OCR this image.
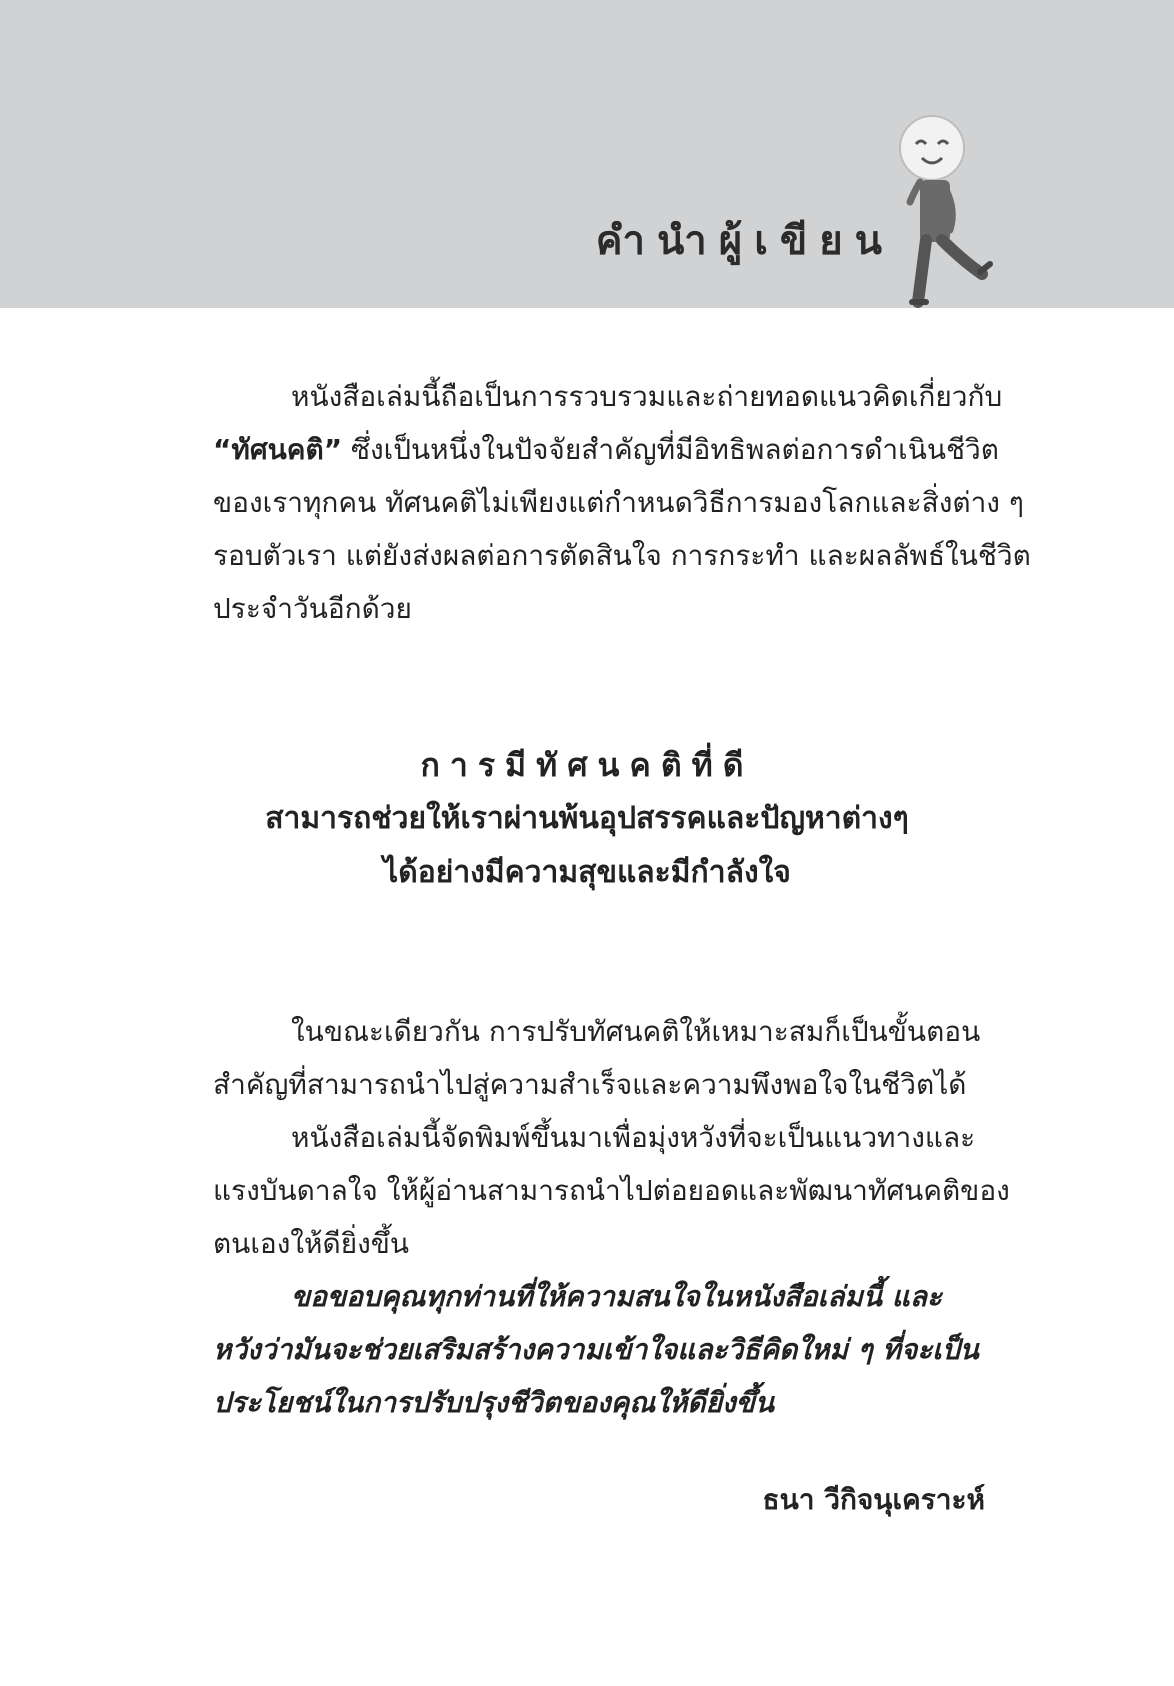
คำนำผู้เขียน

หนังสือเล่มนี้ถือเป็นการรวบรวมและถ่ายทอดแนวคิดเกี่ยวกับ
“ทัศนคติ” ซึ่งเป็นหนึ่งในปัจจัยสำคัญที่มีอิทธิพลต่อการดำเนินชีวิต
ของเราทุกคน ทัศนคติไม่เพียงแต่กำหนดวิธีการมองโลกและสิ่งต่าง ๆ
รอบตัวเรา แต่ยังส่งผลต่อการตัดสินใจ การกระทำ และผลลัพธ์ในชีวิต
ประจำวันอีกด้วย

การมีทัศนคติที่ดี
สามารถช่วยให้เราผ่านพ้นอุปสรรคและปัญหาต่างๆ
ได้อย่างมีความสุขและมีกำลังใจ

ในขณะเดียวกัน การปรับทัศนคติให้เหมาะสมก็เป็นขั้นตอน
สำคัญที่สามารถนำไปสู่ความสำเร็จและความพึงพอใจในชีวิตได้
หนังสือเล่มนี้จัดพิมพ์ขึ้นมาเพื่อมุ่งหวังที่จะเป็นแนวทางและ
แรงบันดาลใจ ให้ผู้อ่านสามารถนำไปต่อยอดและพัฒนาทัศนคติของ
ตนเองให้ดียิ่งขึ้น
ขอขอบคุณทุกท่านที่ให้ความสนใจในหนังสือเล่มนี้ และ
หวังว่ามันจะช่วยเสริมสร้างความเข้าใจและวิธีคิดใหม่ ๆ ที่จะเป็น
ประโยชน์ในการปรับปรุงชีวิตของคุณให้ดียิ่งขึ้น

ธนา วีกิจนุเคราะห์
